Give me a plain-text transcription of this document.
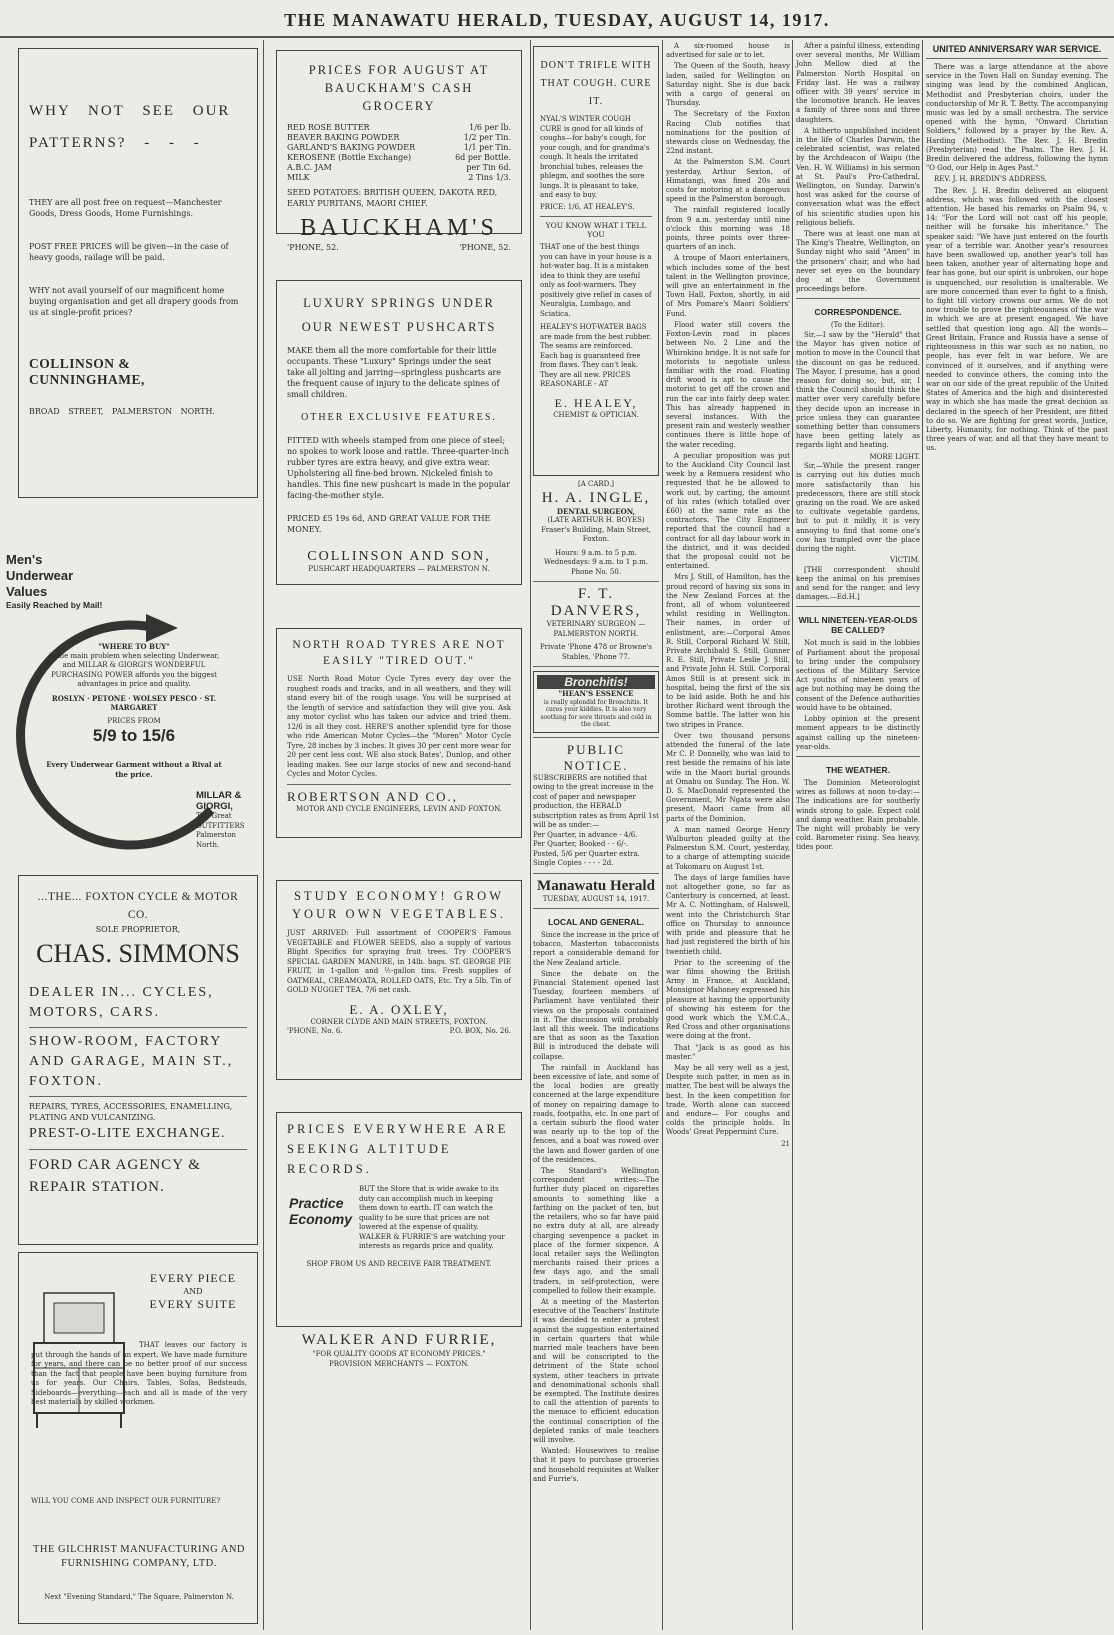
THE MANAWATU HERALD, TUESDAY, AUGUST 14, 1917.
WHY NOT SEE OUR PATTERNS? - - -
THEY are all post free on request—Manchester Goods, Dress Goods, Home Furnishings.
POST FREE PRICES will be given—in the case of heavy goods, railage will be paid.
WHY not avail yourself of our magnificent home buying organisation and get all drapery goods from us at single-profit prices?
COLLINSON & CUNNINGHAME,
BROAD STREET, PALMERSTON NORTH.
Men's Underwear Values
Easily Reached by Mail!
"WHERE TO BUY"
is the main problem when selecting Underwear, and MILLAR & GIORGI'S WONDERFUL PURCHASING POWER affords you the biggest advantages in price and quality.
ROSLYN · PETONE · WOLSEY PESCO · ST. MARGARET
PRICES FROM
5/9 to 15/6
Every Underwear Garment without a Rival at the price.
MILLAR & GIORGI,
The Great OUTFITTERS Palmerston North.
...THE... FOXTON CYCLE & MOTOR CO.
SOLE PROPRIETOR,
CHAS. SIMMONS
DEALER IN... CYCLES, MOTORS, CARS.
SHOW-ROOM, FACTORY AND GARAGE, MAIN ST., FOXTON.
REPAIRS, TYRES, ACCESSORIES, ENAMELLING, PLATING AND VULCANIZING.
PREST-O-LITE EXCHANGE.
FORD CAR AGENCY & REPAIR STATION.
EVERY PIECE
AND
EVERY SUITE
THAT leaves our factory is put through the hands of an expert. We have made furniture for years, and there can be no better proof of our success than the fact that people have been buying furniture from us for years. Our Chairs, Tables, Sofas, Bedsteads, Sideboards—everything—each and all is made of the very best materials by skilled workmen.
WILL YOU COME AND INSPECT OUR FURNITURE?
THE GILCHRIST MANUFACTURING AND FURNISHING COMPANY, LTD.
Next "Evening Standard," The Square, Palmerston N.
PRICES FOR AUGUST AT BAUCKHAM'S CASH GROCERY
RED ROSE BUTTER	1/6 per lb.
BEAVER BAKING POWDER	1/2 per Tin.
GARLAND'S BAKING POWDER	1/1 per Tin.
KEROSENE (Bottle Exchange)	6d per Bottle.
A.B.C. JAM	per Tin 6d.
MILK	2 Tins 1/3.
SEED POTATOES: BRITISH QUEEN, DAKOTA RED, EARLY PURITANS, MAORI CHIEF.
BAUCKHAM'S
'PHONE, 52.	'PHONE, 52.
LUXURY SPRINGS UNDER OUR NEWEST PUSHCARTS
MAKE them all the more comfortable for their little occupants. These "Luxury" Springs under the seat take all jolting and jarring—springless pushcarts are the frequent cause of injury to the delicate spines of small children.
OTHER EXCLUSIVE FEATURES.
FITTED with wheels stamped from one piece of steel; no spokes to work loose and rattle. Three-quarter-inch rubber tyres are extra heavy, and give extra wear. Upholstering all fine-bed brown. Nickeled finish to handles. This fine new pushcart is made in the popular facing-the-mother style.
PRICED £5 19s 6d, AND GREAT VALUE FOR THE MONEY.
COLLINSON AND SON,
PUSHCART HEADQUARTERS — PALMERSTON N.
NORTH ROAD TYRES ARE NOT EASILY "TIRED OUT."
USE North Road Motor Cycle Tyres every day over the roughest roads and tracks, and in all weathers, and they will stand every bit of the rough usage. You will be surprised at the length of service and satisfaction they will give you. Ask any motor cyclist who has taken our advice and tried them. 12/6 is all they cost. HERE'S another splendid tyre for those who ride American Motor Cycles—the "Moren" Motor Cycle Tyre, 28 inches by 3 inches. It gives 30 per cent more wear for 20 per cent less cost. WE also stock Bates', Dunlop, and other leading makes. See our large stocks of new and second-hand Cycles and Motor Cycles.
ROBERTSON AND CO.,
MOTOR AND CYCLE ENGINEERS, LEVIN AND FOXTON.
STUDY ECONOMY! GROW YOUR OWN VEGETABLES.
JUST ARRIVED: Full assortment of COOPER'S Famous VEGETABLE and FLOWER SEEDS, also a supply of various Blight Specifics for spraying fruit trees. Try COOPER'S SPECIAL GARDEN MANURE, in 14lb. bags. ST. GEORGE PIE FRUIT, in 1-gallon and ½-gallon tins. Fresh supplies of OATMEAL, CREAMOATA, ROLLED OATS, Etc. Try a 5lb. Tin of GOLD NUGGET TEA, 7/6 net cash.
E. A. OXLEY,
CORNER CLYDE AND MAIN STREETS, FOXTON.
'PHONE, No. 6.	P.O. BOX, No. 26.
PRICES EVERYWHERE ARE SEEKING ALTITUDE RECORDS.
Practice Economy
BUT the Store that is wide awake to its duty can accomplish much in keeping them down to earth. IT can watch the quality to be sure that prices are not lowered at the expense of quality. WALKER & FURRIE'S are watching your interests as regards price and quality.
SHOP FROM US AND RECEIVE FAIR TREATMENT.
WALKER AND FURRIE,
"FOR QUALITY GOODS AT ECONOMY PRICES."
PROVISION MERCHANTS — FOXTON.
DON'T TRIFLE WITH THAT COUGH. CURE IT.
NYAL'S WINTER COUGH CURE is good for all kinds of coughs—for baby's cough, for your cough, and for grandma's cough. It heals the irritated bronchial tubes, releases the phlegm, and soothes the sore lungs. It is pleasant to take, and easy to buy.
PRICE: 1/6, AT HEALEY'S.
YOU KNOW WHAT I TELL YOU
THAT one of the best things you can have in your house is a hot-water bag. It is a mistaken idea to think they are useful only as foot-warmers. They positively give relief in cases of Neuralgia, Lumbago, and Sciatica.
HEALEY'S HOT-WATER BAGS are made from the best rubber. The seams are reinforced. Each bag is guaranteed free from flaws. They can't leak. They are all new. PRICES REASONABLE - AT
E. HEALEY,
CHEMIST & OPTICIAN.
[A CARD.]
H. A. INGLE,
DENTAL SURGEON,
(LATE ARTHUR H. BOYES)
Fraser's Building, Main Street, Foxton.
Hours: 9 a.m. to 5 p.m. Wednesdays: 9 a.m. to 1 p.m.
Phone No. 50.
F. T. DANVERS,
VETERINARY SURGEON — PALMERSTON NORTH.
Private 'Phone 478 or Browne's Stables, 'Phone 77.
Bronchitis!
"HEAN'S ESSENCE
is really splendid for Bronchitis. It cures your kiddies. It is also very soothing for sore throats and cold in the chest.
PUBLIC NOTICE.
SUBSCRIBERS are notified that owing to the great increase in the cost of paper and newspaper production, the HERALD subscription rates as from April 1st will be as under:—
Per Quarter, in advance - 4/6.
Per Quarter, Booked - - 6/-.
Posted, 5/6 per Quarter extra.
Single Copies - - - - 2d.
Manawatu Herald
TUESDAY, AUGUST 14, 1917.
LOCAL AND GENERAL.
Since the increase in the price of tobacco, Masterton tobacconists report a considerable demand for the New Zealand article.
Since the debate on the Financial Statement opened last Tuesday, fourteen members of Parliament have ventilated their views on the proposals contained in it. The discussion will probably last all this week. The indications are that as soon as the Taxation Bill is introduced the debate will collapse.
The rainfall in Auckland has been excessive of late, and some of the local bodies are greatly concerned at the large expenditure of money on repairing damage to roads, footpaths, etc. In one part of a certain suburb the flood water was nearly up to the top of the fences, and a boat was rowed over the lawn and flower garden of one of the residences.
The Standard's Wellington correspondent writes:—The further duty placed on cigarettes amounts to something like a farthing on the packet of ten, but the retailers, who so far have paid no extra duty at all, are already charging sevenpence a packet in place of the former sixpence. A local retailer says the Wellington merchants raised their prices a few days ago, and the small traders, in self-protection, were compelled to follow their example.
At a meeting of the Masterton executive of the Teachers' Institute it was decided to enter a protest against the suggestion entertained in certain quarters that while married male teachers have been and will be conscripted to the detriment of the State school system, other teachers in private and denominational schools shall be exempted. The Institute desires to call the attention of parents to the menace to efficient education the continual conscription of the depleted ranks of male teachers will involve.
Wanted: Housewives to realise that it pays to purchase groceries and household requisites at Walker and Furrie's.
A six-roomed house is advertised for sale or to let.
The Queen of the South, heavy laden, sailed for Wellington on Saturday night. She is due back with a cargo of general on Thursday.
The Secretary of the Foxton Racing Club notifies that nominations for the position of stewards close on Wednesday, the 22nd instant.
At the Palmerston S.M. Court yesterday, Arthur Sexton, of Himatangi, was fined 20s and costs for motoring at a dangerous speed in the Palmerston borough.
The rainfall registered locally from 9 a.m. yesterday until nine o'clock this morning was 18 points, three points over three-quarters of an inch.
A troupe of Maori entertainers, which includes some of the best talent in the Wellington province, will give an entertainment in the Town Hall, Foxton, shortly, in aid of Mrs Pomare's Maori Soldiers' Fund.
Flood water still covers the Foxton-Levin road in places between No. 2 Line and the Whirokino bridge. It is not safe for motorists to negotiate unless familiar with the road. Floating drift wood is apt to cause the motorist to get off the crown and run the car into fairly deep water. This has already happened in several instances. With the present rain and westerly weather continues there is little hope of the water receding.
A peculiar proposition was put to the Auckland City Council last week by a Remuera resident who requested that he be allowed to work out, by carting, the amount of his rates (which totalled over £60) at the same rate as the contractors. The City Engineer reported that the council had a contract for all day labour work in the district, and it was decided that the proposal could not be entertained.
Mrs J. Still, of Hamilton, has the proud record of having six sons in the New Zealand Forces at the front, all of whom volunteered whilst residing in Wellington. Their names, in order of enlistment, are:—Corporal Amos R. Still, Corporal Richard W. Still, Private Archibald S. Still, Gunner R. E. Still, Private Leslie J. Still, and Private John H. Still. Corporal Amos Still is at present sick in hospital, being the first of the six to be laid aside. Both he and his brother Richard went through the Somme battle. The latter won his two stripes in France.
Over two thousand persons attended the funeral of the late Mr C. P. Donnelly, who was laid to rest beside the remains of his late wife in the Maori burial grounds at Omahu on Sunday. The Hon. W. D. S. MacDonald represented the Government, Mr Ngata were also present, Maori came from all parts of the Dominion.
A man named George Henry Walburton pleaded guilty at the Palmerston S.M. Court, yesterday, to a charge of attempting suicide at Tokomaru on August 1st.
The days of large families have not altogether gone, so far as Canterbury is concerned, at least. Mr A. C. Nottingham, of Halswell, went into the Christchurch Star office on Thursday to announce with pride and pleasure that he had just registered the birth of his twentieth child.
Prior to the screening of the war films showing the British Army in France, at Auckland, Monsignor Mahoney expressed his pleasure at having the opportunity of showing his esteem for the good work which the Y.M.C.A., Red Cross and other organisations were doing at the front.
That "Jack is as good as his master."
May be all very well as a jest, Despite such patter, in men as in matter, The best will be always the best. In the keen competition for trade, Worth alone can succeed and endure— For coughs and colds the principle holds. In Woods' Great Peppermint Cure.
21
After a painful illness, extending over several months, Mr William John Mellow died at the Palmerston North Hospital on Friday last. He was a railway officer with 39 years' service in the locomotive branch. He leaves a family of three sons and three daughters.
A hitherto unpublished incident in the life of Charles Darwin, the celebrated scientist, was related by the Archdeacon of Waipu (the Ven. H. W. Williams) in his sermon at St. Paul's Pro-Cathedral, Wellington, on Sunday. Darwin's host was asked for the course of conversation what was the effect of his scientific studies upon his religious beliefs.
There was at least one man at The King's Theatre, Wellington, on Sunday night who said "Amen" in the prisoners' chair, and who had never set eyes on the boundary dog at the Government proceedings before.
CORRESPONDENCE.
(To the Editor).
Sir,—I saw by the "Herald" that the Mayor has given notice of motion to move in the Council that the discount on gas be reduced. The Mayor, I presume, has a good reason for doing so, but, sir, I think the Council should think the matter over very carefully before they decide upon an increase in price unless they can guarantee something better than consumers have been getting lately as regards light and heating.
MORE LIGHT.
Sir,—While the present ranger is carrying out his duties much more satisfactorily than his predecessors, there are still stock grazing on the road. We are asked to cultivate vegetable gardens, but to put it mildly, it is very annoying to find that some one's cow has trampled over the place during the night.
VICTIM.
[THE correspondent should keep the animal on his premises and send for the ranger, and levy damages.—Ed.H.]
WILL NINETEEN-YEAR-OLDS BE CALLED?
Not much is said in the lobbies of Parliament about the proposal to bring under the compulsory sections of the Military Service Act youths of nineteen years of age but nothing may be doing the consent of the Defence authorities would have to be obtained.
Lobby opinion at the present moment appears to be distinctly against calling up the nineteen-year-olds.
THE WEATHER.
The Dominion Meteorologist wires as follows at noon to-day:—The indications are for southerly winds strong to gale. Expect cold and damp weather. Rain probable. The night will probably be very cold. Barometer rising. Sea heavy, tides poor.
UNITED ANNIVERSARY WAR SERVICE.
There was a large attendance at the above service in the Town Hall on Sunday evening. The singing was lead by the combined Anglican, Methodist and Presbyterian choirs, under the conductorship of Mr R. T. Betty. The accompanying music was led by a small orchestra. The service opened with the hymn, "Onward Christian Soldiers," followed by a prayer by the Rev. A. Harding (Methodist). The Rev. J. H. Bredin (Presbyterian) read the Psalm. The Rev. J. H. Bredin delivered the address, following the hymn "O God, our Help in Ages Past."
REV. J. H. BREDIN'S ADDRESS.
The Rev. J. H. Bredin delivered an eloquent address, which was followed with the closest attention. He based his remarks on Psalm 94, v. 14: "For the Lord will not cast off his people, neither will he forsake his inheritance." The speaker said: "We have just entered on the fourth year of a terrible war. Another year's resources have been swallowed up, another year's toll has been taken, another year of alternating hope and fear has gone, but our spirit is unbroken, our hope is unquenched, our resolution is unalterable. We are more concerned than ever to fight to a finish, to fight till victory crowns our arms. We do not now trouble to prove the righteousness of the war in which we are at present engaged. We have settled that question long ago. All the words—Great Britain, France and Russia have a sense of righteousness in this war such as no nation, no people, has ever felt in war before. We are convinced of it ourselves, and if anything were needed to convince others, the coming into the war on our side of the great republic of the United States of America and the high and disinterested way in which she has made the great decision as declared in the speech of her President, are fitted to do so. We are fighting for great words, Justice, Liberty, Humanity, for nothing. Think of the past three years of war, and all that they have meant to us.
